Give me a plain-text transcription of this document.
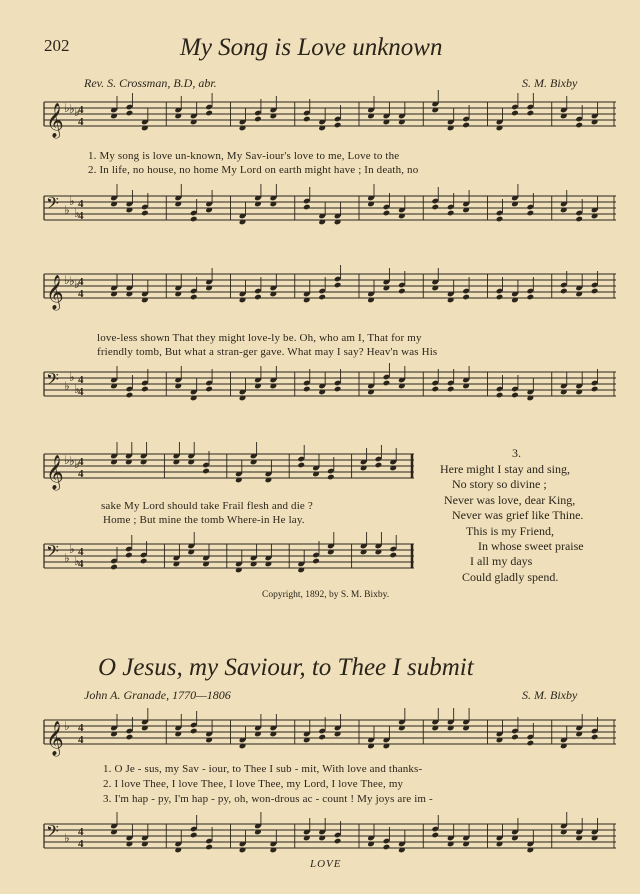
202	My Song is Love unknown
Rev. S. Crossman, B.D, abr.	S. M. Bixby
𝄞 ♭ ♭ ♭
4
4
1. My song is love un-known, My Sav-iour's love to me, Love to the
2. In life, no house, no home My Lord on earth might have ; In death, no
𝄢 ♭
♭
♭
4
4
𝄞 ♭ ♭ ♭
4
4
love-less shown That they might love-ly be. Oh, who am I, That for my
friendly tomb, But what a stran-ger gave. What may I say? Heav'n was His
𝄢 ♭
♭
♭
4
4
𝄞 ♭ ♭ ♭
4
4
sake My Lord should take Frail flesh and die ?
Home ; But mine the tomb Where-in He lay.
𝄢 ♭
♭
♭
4
4
Copyright, 1892, by S. M. Bixby.
3.
Here might I stay and sing,
No story so divine ;
Never was love, dear King,
Never was grief like Thine.
This is my Friend,
In whose sweet praise
I all my days
Could gladly spend.
O Jesus, my Saviour, to Thee I submit
John A. Granade, 1770—1806	S. M. Bixby
𝄞 ♭ 4
4
1. O Je - sus, my Sav - iour, to Thee I sub - mit, With love and thanks-
2. I love Thee, I love Thee, I love Thee, my Lord, I love Thee, my
3. I'm hap - py, I'm hap - py, oh, won-drous ac - count ! My joys are im -
𝄢 ♭ 4
4
LOVE
